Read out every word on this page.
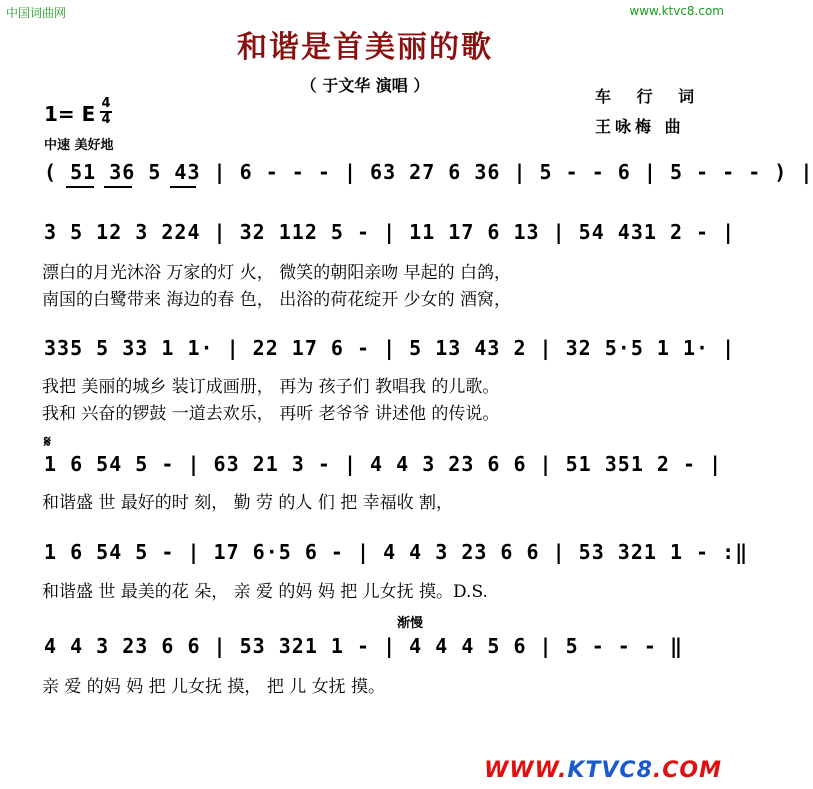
中国词曲网	www.ktvc8.com
和谐是首美丽的歌
（ 于文华 演唱 ）
车 行 词
王咏梅 曲
1= E 4
4
中速 美好地
( 51 36 5 43 | 6 - - - | 63 27 6 36 | 5 - - 6 | 5 - - - ) |
3 5 12 3 224 | 32 112 5 - | 11 17 6 13 | 54 431 2 - |
漂白的月光沐浴 万家的灯 火， 微笑的朝阳亲吻 早起的 白鸽，
南国的白鹭带来 海边的春 色， 出浴的荷花绽开 少女的 酒窝，
335 5 33 1 1· | 22 17 6 - | 5 13 43 2 | 32 5·5 1 1· |
我把 美丽的城乡 装订成画册， 再为 孩子们 教唱我 的儿歌。
我和 兴奋的锣鼓 一道去欢乐， 再听 老爷爷 讲述他 的传说。
𝄋
1 6 54 5 - | 63 21 3 - | 4 4 3 23 6 6 | 51 351 2 - |
和谐盛 世 最好的时 刻， 勤 劳 的人 们 把 幸福收 割，
1 6 54 5 - | 17 6·5 6 - | 4 4 3 23 6 6 | 53 321 1 - :‖
和谐盛 世 最美的花 朵， 亲 爱 的妈 妈 把 儿女抚 摸。D.S.
渐慢
4 4 3 23 6 6 | 53 321 1 - | 4 4 4 5 6 | 5 - - - ‖
亲 爱 的妈 妈 把 儿女抚 摸， 把 儿 女抚 摸。
WWW.KTVC8.COM
